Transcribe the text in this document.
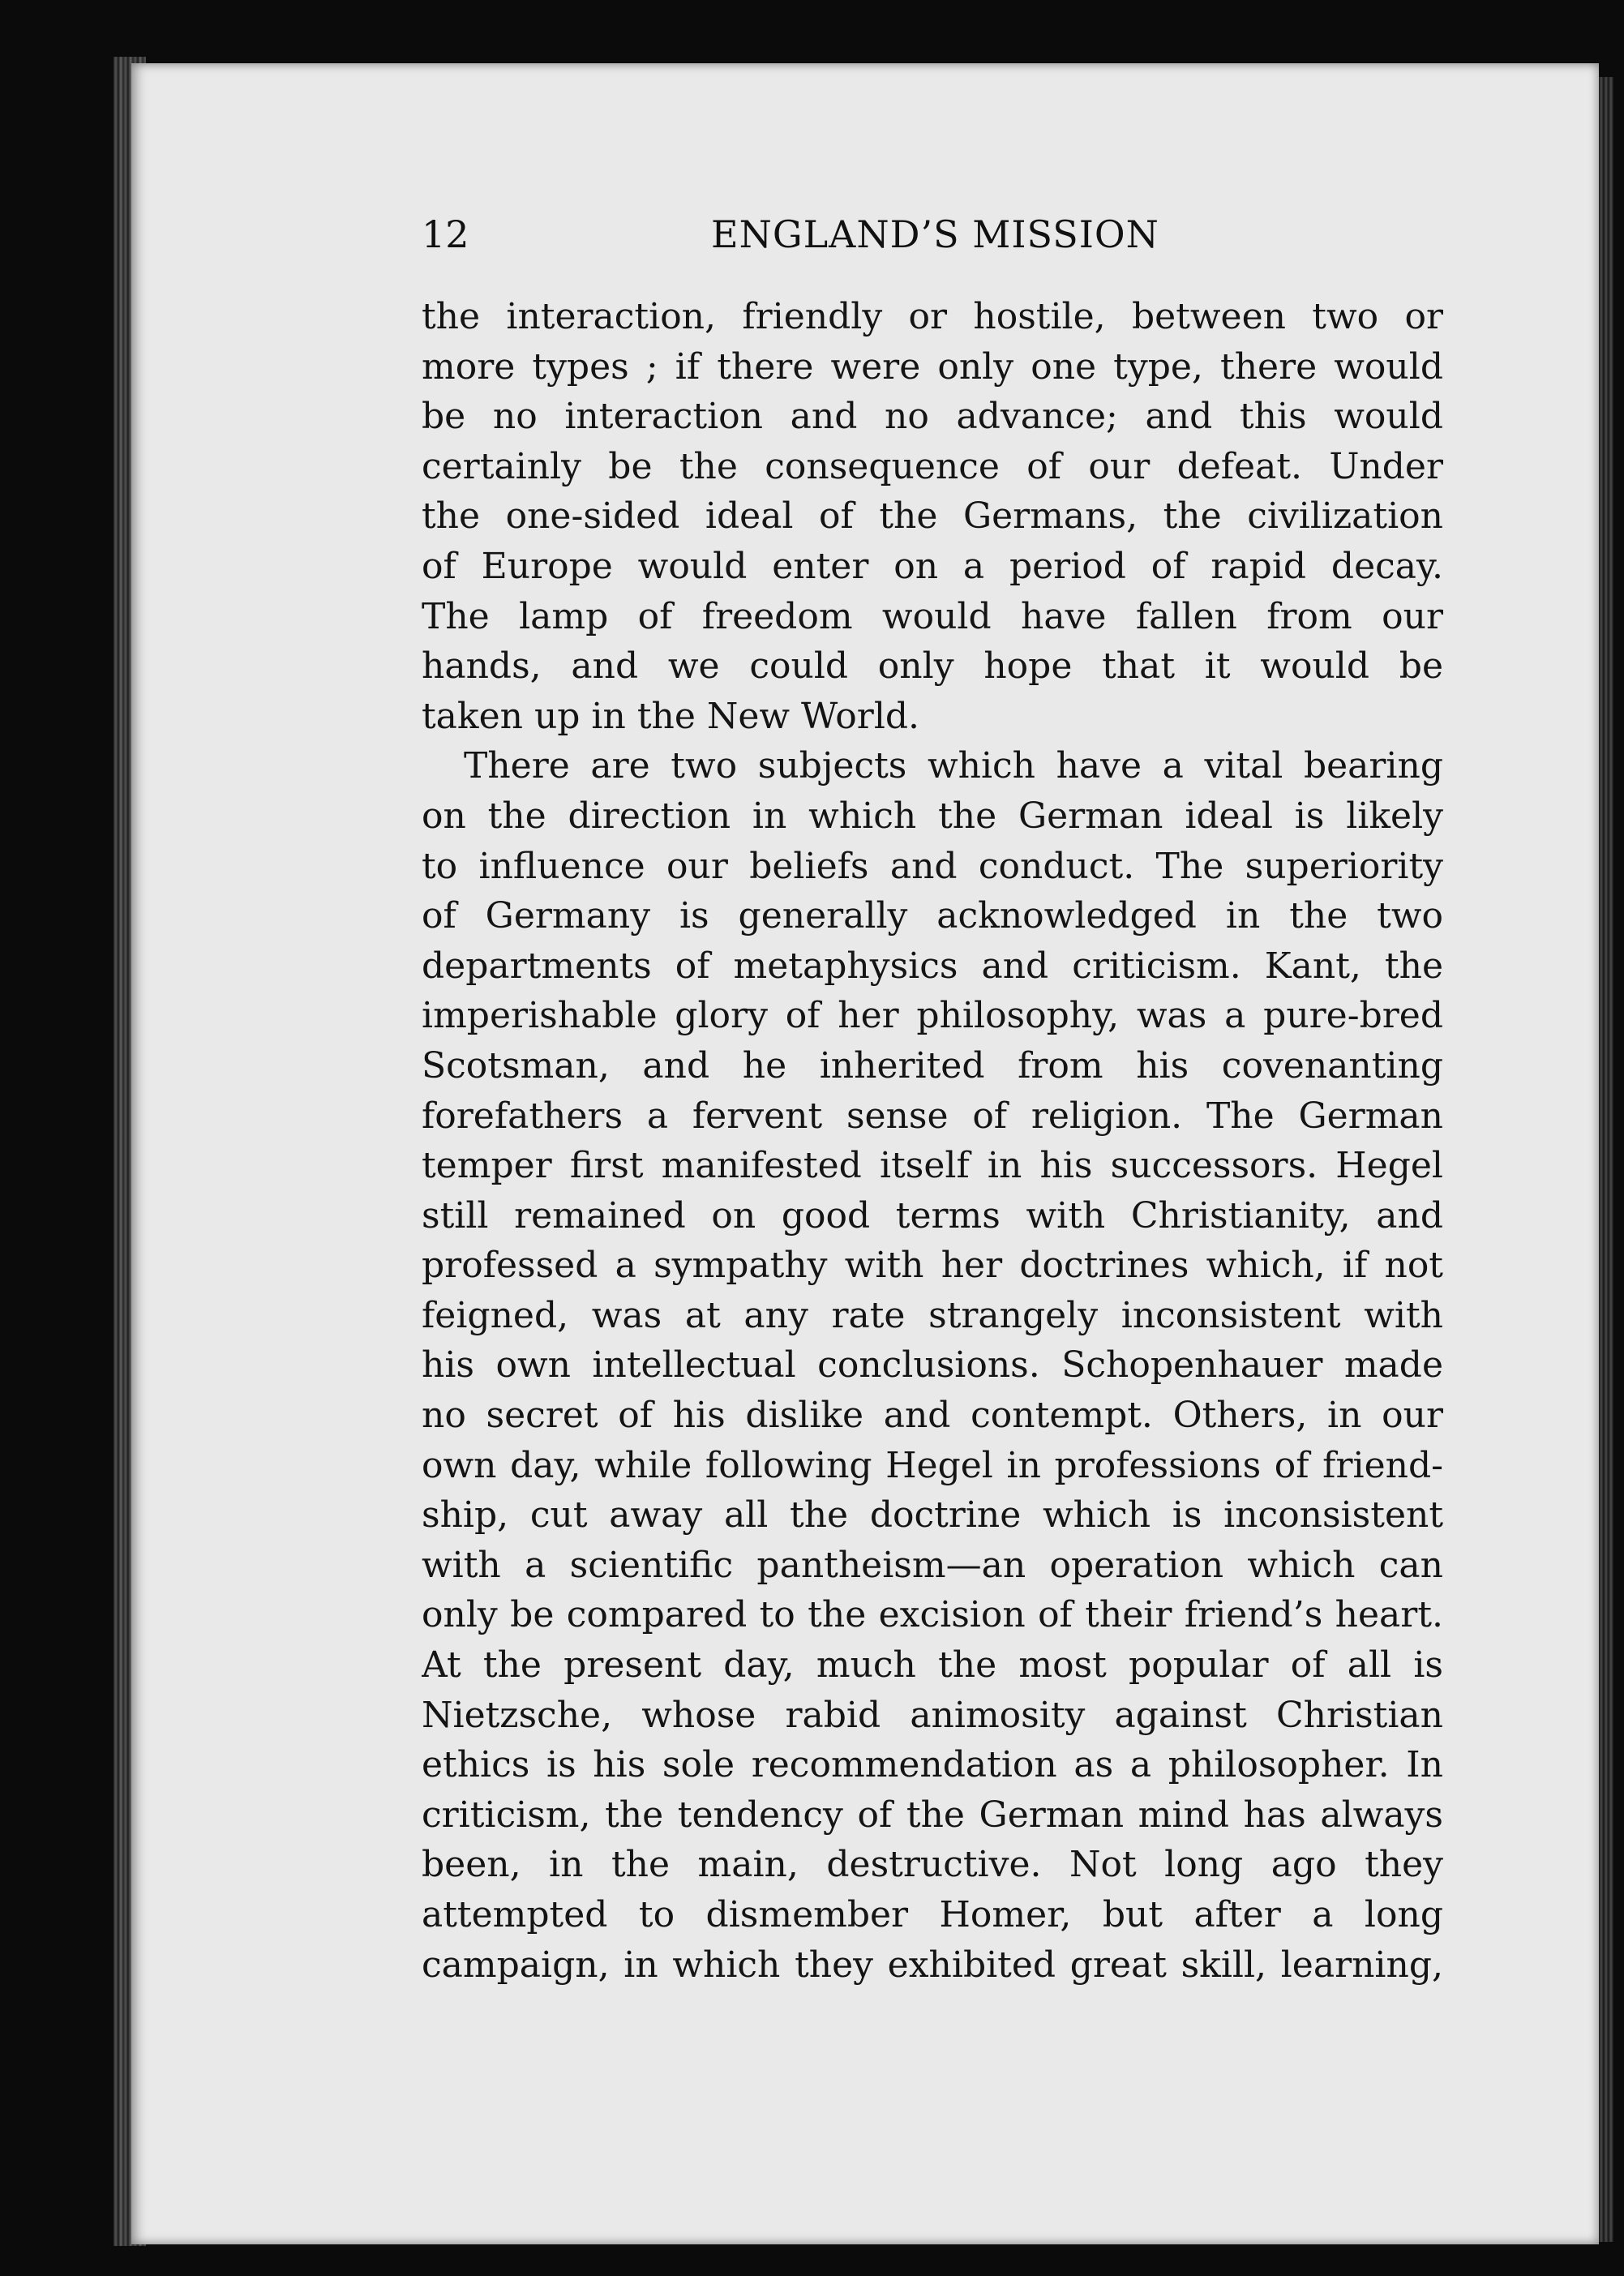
12	ENGLAND’S MISSION
the interaction, friendly or hostile, between two or
more types ; if there were only one type, there would
be no interaction and no advance; and this would
certainly be the consequence of our defeat. Under
the one-sided ideal of the Germans, the civilization
of Europe would enter on a period of rapid decay.
The lamp of freedom would have fallen from our
hands, and we could only hope that it would be
taken up in the New World.
There are two subjects which have a vital bearing
on the direction in which the German ideal is likely
to influence our beliefs and conduct. The superiority
of Germany is generally acknowledged in the two
departments of metaphysics and criticism. Kant, the
imperishable glory of her philosophy, was a pure-bred
Scotsman, and he inherited from his covenanting
forefathers a fervent sense of religion. The German
temper first manifested itself in his successors. Hegel
still remained on good terms with Christianity, and
professed a sympathy with her doctrines which, if not
feigned, was at any rate strangely inconsistent with
his own intellectual conclusions. Schopenhauer made
no secret of his dislike and contempt. Others, in our
own day, while following Hegel in professions of friend-
ship, cut away all the doctrine which is inconsistent
with a scientific pantheism—an operation which can
only be compared to the excision of their friend’s heart.
At the present day, much the most popular of all is
Nietzsche, whose rabid animosity against Christian
ethics is his sole recommendation as a philosopher. In
criticism, the tendency of the German mind has always
been, in the main, destructive. Not long ago they
attempted to dismember Homer, but after a long
campaign, in which they exhibited great skill, learning,
